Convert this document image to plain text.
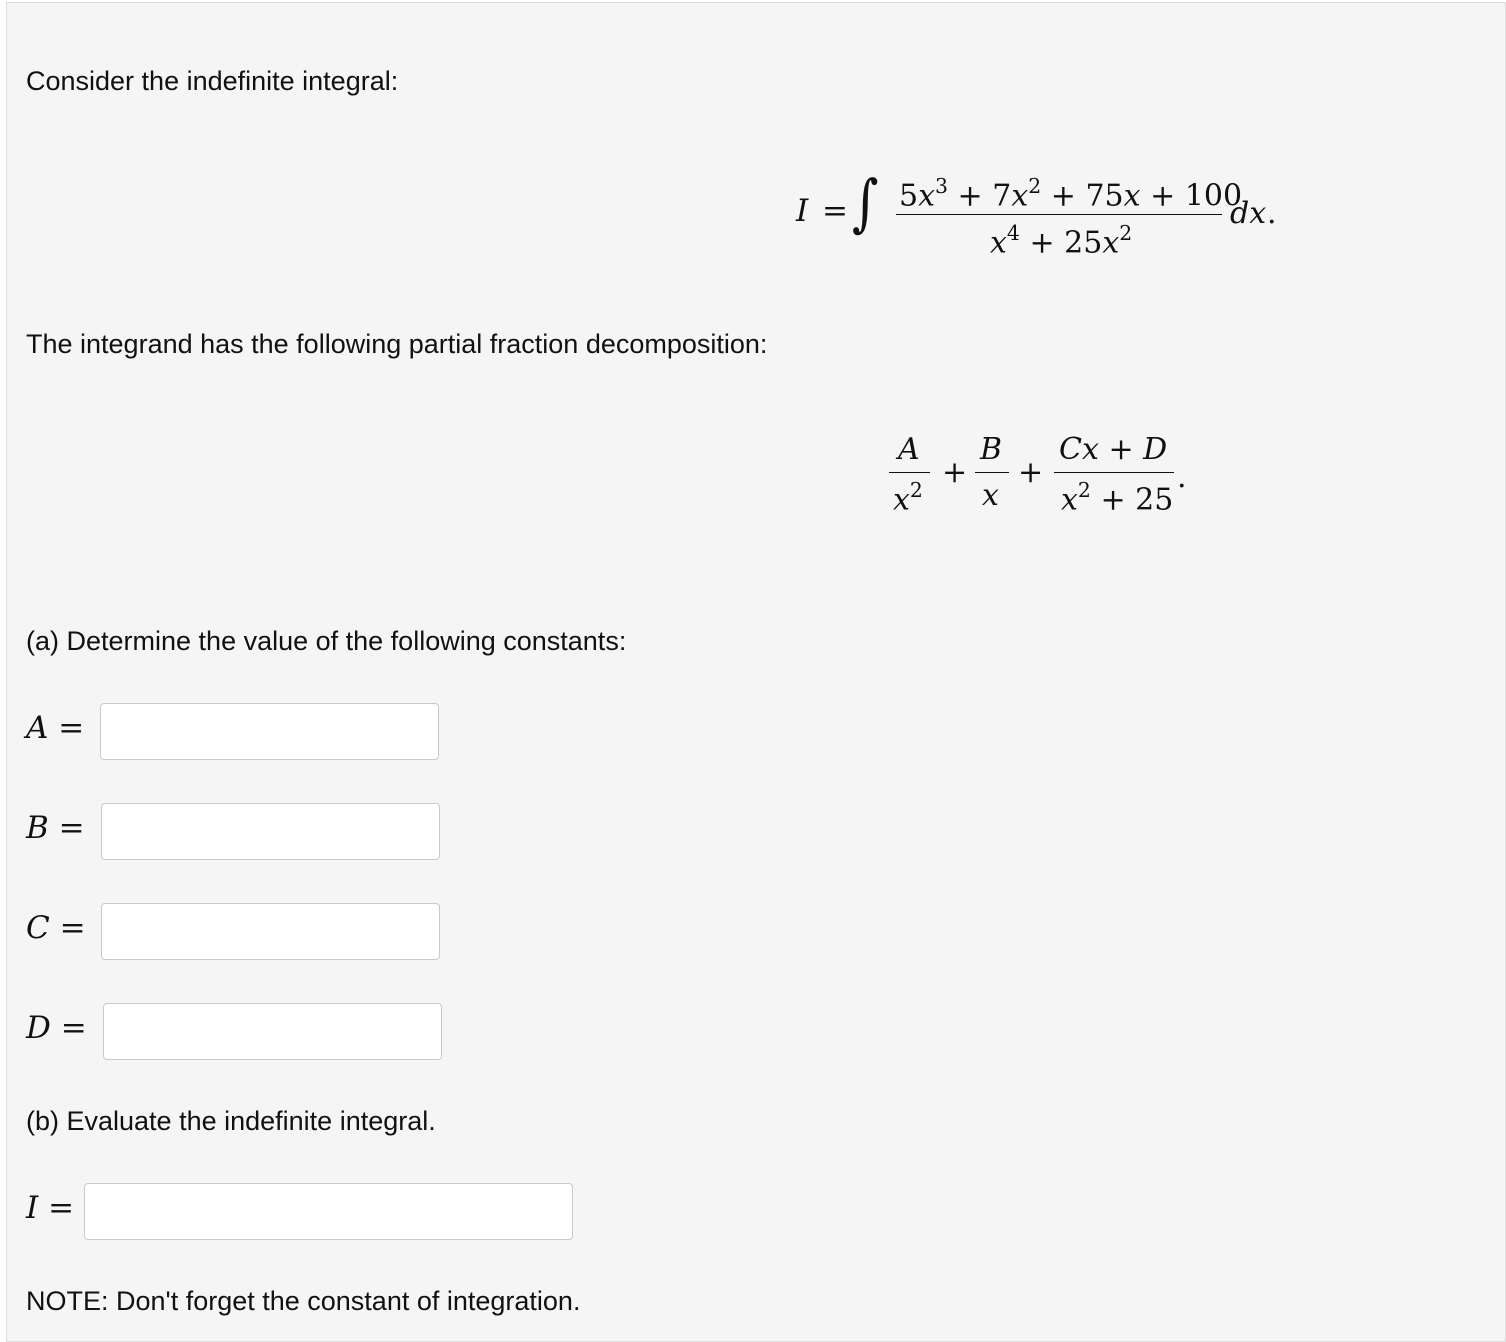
Consider the indefinite integral:
I = ∫ $5x^3 + 7x^2 + 75x + 100$
$x^4 + 25x^2$
dx .
The integrand has the following partial fraction decomposition:
A
$x^2$ +
B
x
+
Cx + D
$x^2 + 25$
.
(a) Determine the value of the following constants:
A =
B =
C =
D =
(b) Evaluate the indefinite integral.
I =
NOTE: Don't forget the constant of integration.
